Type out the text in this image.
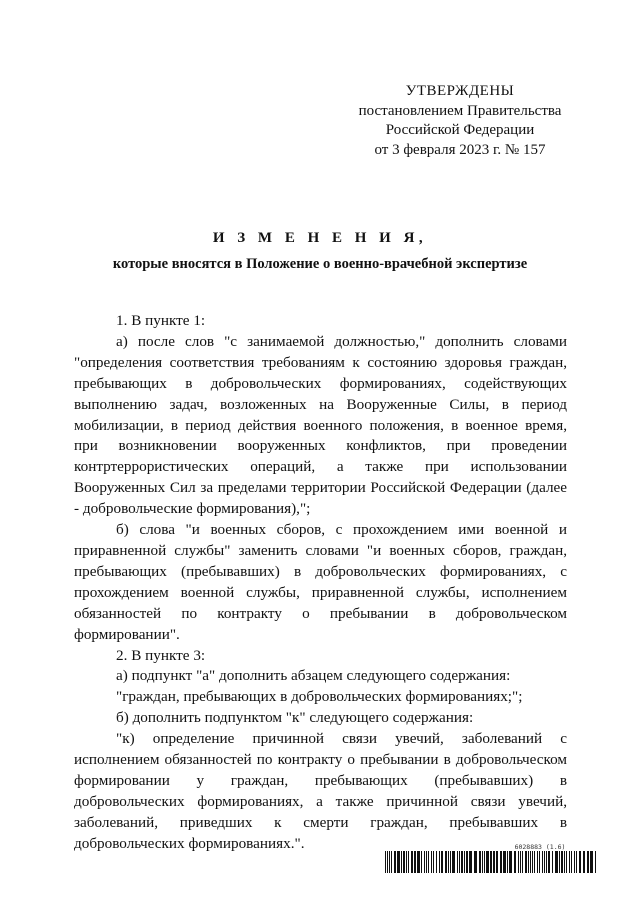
УТВЕРЖДЕНЫ
постановлением Правительства
Российской Федерации
от 3 февраля 2023 г. № 157
И З М Е Н Е Н И Я,
которые вносятся в Положение о военно-врачебной экспертизе

1. В пункте 1:

а) после слов "с занимаемой должностью," дополнить словами "определения соответствия требованиям к состоянию здоровья граждан, пребывающих в добровольческих формированиях, содействующих выполнению задач, возложенных на Вооруженные Силы, в период мобилизации, в период действия военного положения, в военное время, при возникновении вооруженных конфликтов, при проведении контртеррористических операций, а также при использовании Вооруженных Сил за пределами территории Российской Федерации (далее - добровольческие формирования),";

б) слова "и военных сборов, с прохождением ими военной и приравненной службы" заменить словами "и военных сборов, граждан, пребывающих (пребывавших) в добровольческих формированиях, с прохождением военной службы, приравненной службы, исполнением обязанностей по контракту о пребывании в добровольческом формировании".

2. В пункте 3:

а) подпункт "а" дополнить абзацем следующего содержания:

"граждан, пребывающих в добровольческих формированиях;";

б) дополнить подпунктом "к" следующего содержания:

"к) определение причинной связи увечий, заболеваний с исполнением обязанностей по контракту о пребывании в добровольческом формировании у граждан, пребывающих (пребывавших) в добровольческих формированиях, а также причинной связи увечий, заболеваний, приведших к смерти граждан, пребывавших в добровольческих формированиях.".	6028883 (1.6)
